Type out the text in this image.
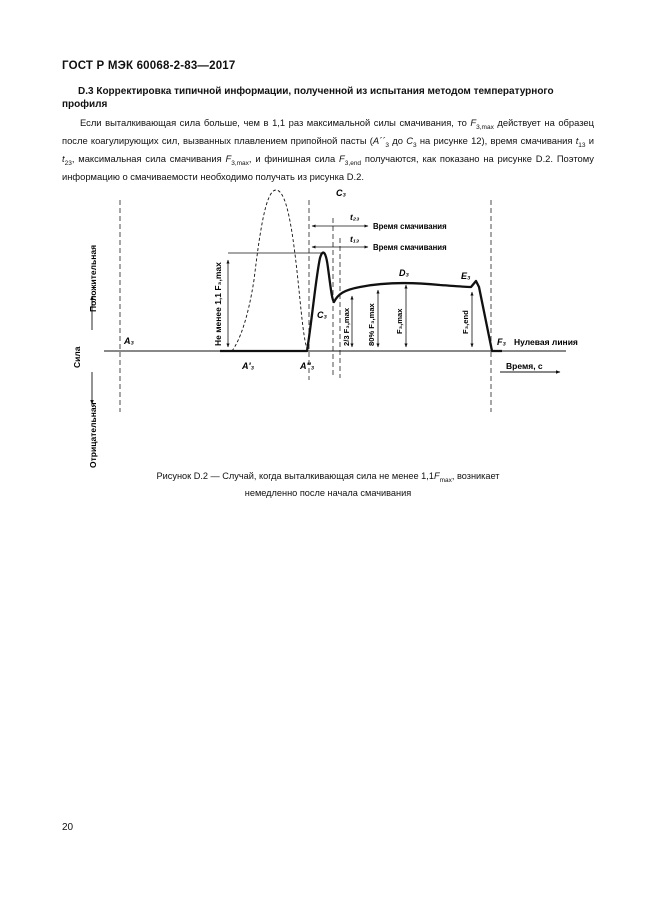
ГОСТ Р МЭК 60068-2-83—2017
D.3 Корректировка типичной информации, полученной из испытания методом температурного профиля
Если выталкивающая сила больше, чем в 1,1 раз максимальной силы смачивания, то $F_{3,max}$ действует на образец после коагулирующих сил, вызванных плавлением припойной пасты ($A´´_3$ до $C_3$ на рисунке 12), время смачивания $t_{13}$ и $t_{23}$, максимальная сила смачивания $F_{3,max}$, и финишная сила $F_{3,end}$ получаются, как показано на рисунке D.2. Поэтому информацию о смачиваемости необходимо получать из рисунка D.2.
C₃
t₂₃
Время смачивания
t₁₃
Время смачивания
A₃
A'₃	A''₃
C₃
D₃	E₃
F₃ Нулевая линия
Время, с
Сила
Положительная
Отрицательная
Не менее 1,1 F₃,max	2/3 F₃,max 80% F₃,max	F₃,max	F₃,end
Рисунок D.2 — Случай, когда выталкивающая сила не менее $1,1F_{max}$, возникает
немедленно после начала смачивания
20
